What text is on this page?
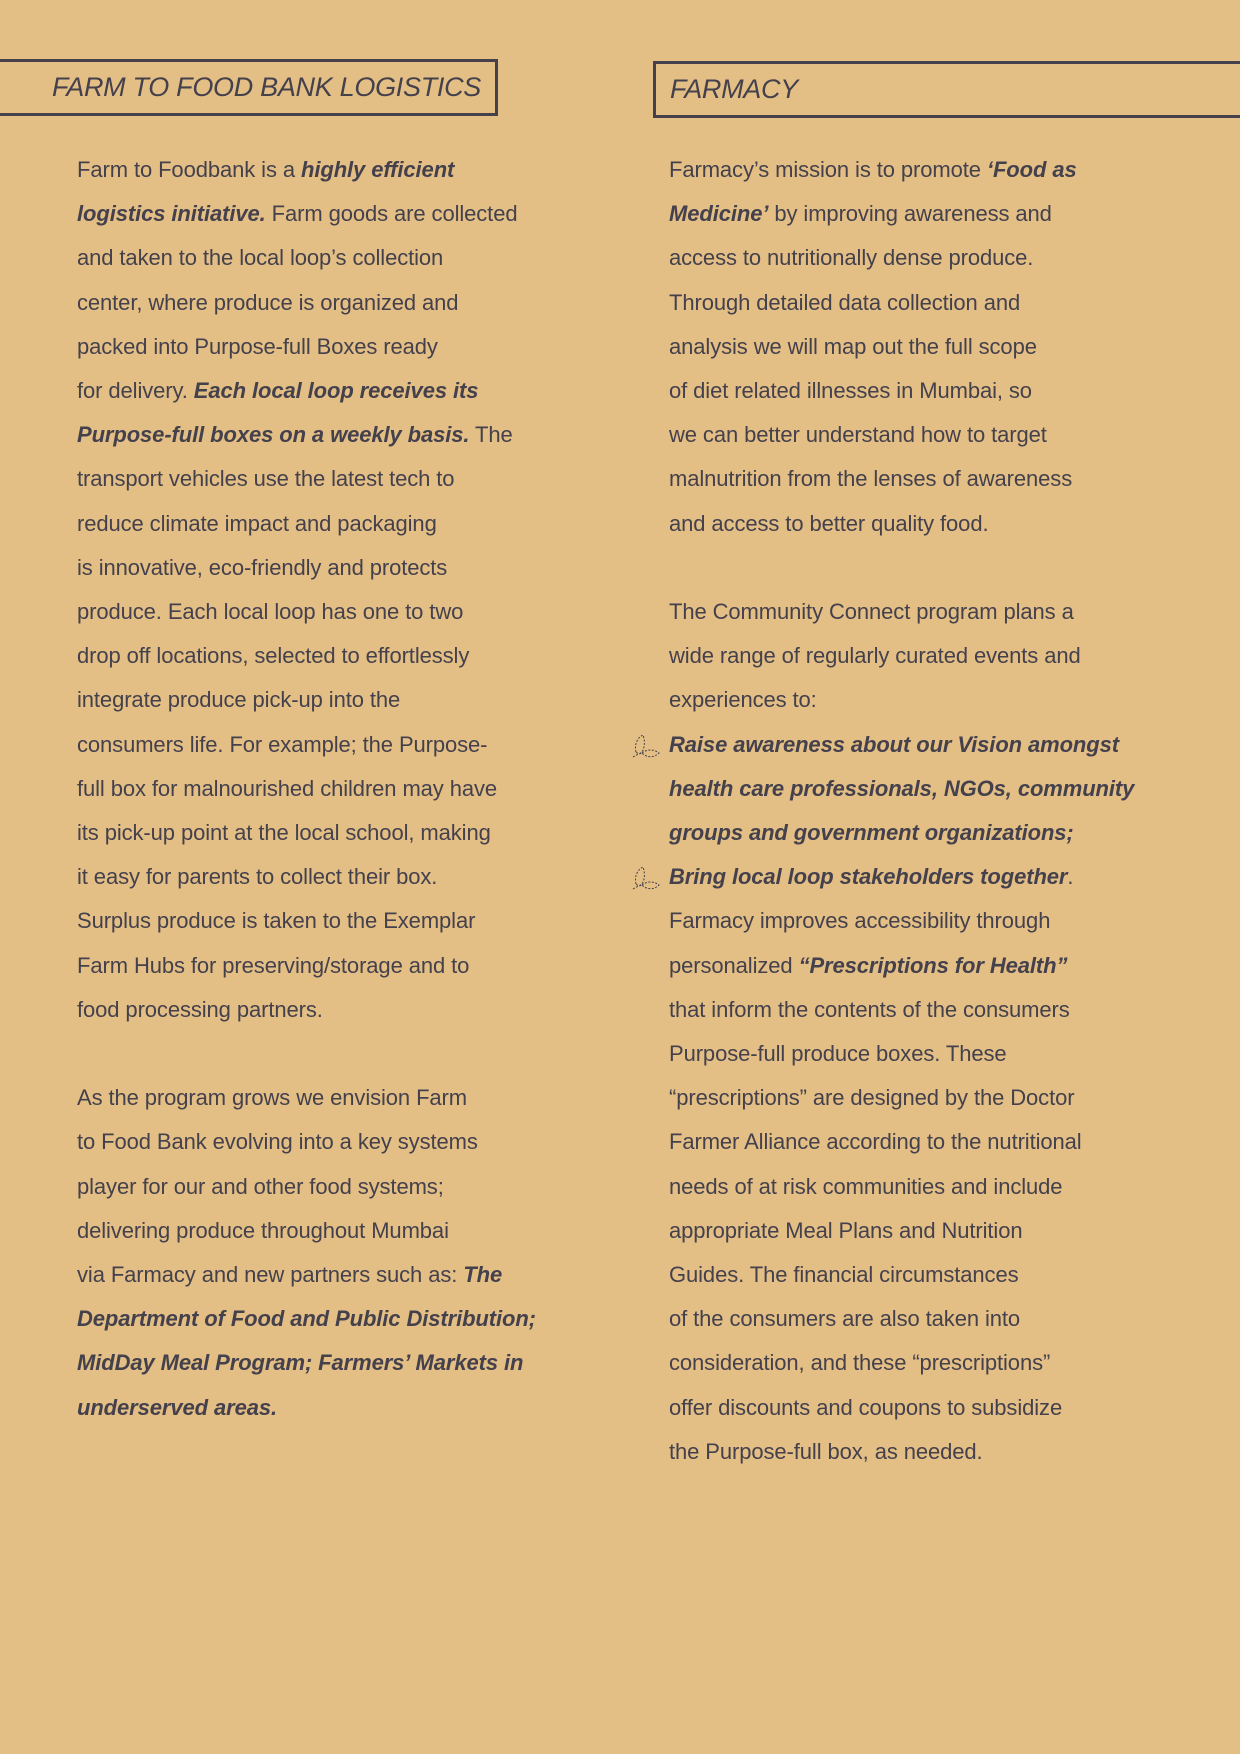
FARM TO FOOD BANK LOGISTICS	FARMACY
Farm to Foodbank is a highly efficient
logistics initiative. Farm goods are collected
and taken to the local loop’s collection
center, where produce is organized and
packed into Purpose-full Boxes ready
for delivery. Each local loop receives its
Purpose-full boxes on a weekly basis. The
transport vehicles use the latest tech to
reduce climate impact and packaging
is innovative, eco-friendly and protects
produce. Each local loop has one to two
drop off locations, selected to effortlessly
integrate produce pick-up into the
consumers life. For example; the Purpose-
full box for malnourished children may have
its pick-up point at the local school, making
it easy for parents to collect their box.
Surplus produce is taken to the Exemplar
Farm Hubs for preserving/storage and to
food processing partners.
As the program grows we envision Farm
to Food Bank evolving into a key systems
player for our and other food systems;
delivering produce throughout Mumbai
via Farmacy and new partners such as: The
Department of Food and Public Distribution;
MidDay Meal Program; Farmers’ Markets in
underserved areas.
Farmacy’s mission is to promote ‘Food as
Medicine’ by improving awareness and
access to nutritionally dense produce.
Through detailed data collection and
analysis we will map out the full scope
of diet related illnesses in Mumbai, so
we can better understand how to target
malnutrition from the lenses of awareness
and access to better quality food.
The Community Connect program plans a
wide range of regularly curated events and
experiences to:
Raise awareness about our Vision amongst
health care professionals, NGOs, community
groups and government organizations;
Bring local loop stakeholders together.
Farmacy improves accessibility through
personalized “Prescriptions for Health”
that inform the contents of the consumers
Purpose-full produce boxes. These
“prescriptions” are designed by the Doctor
Farmer Alliance according to the nutritional
needs of at risk communities and include
appropriate Meal Plans and Nutrition
Guides. The financial circumstances
of the consumers are also taken into
consideration, and these “prescriptions”
offer discounts and coupons to subsidize
the Purpose-full box, as needed.
